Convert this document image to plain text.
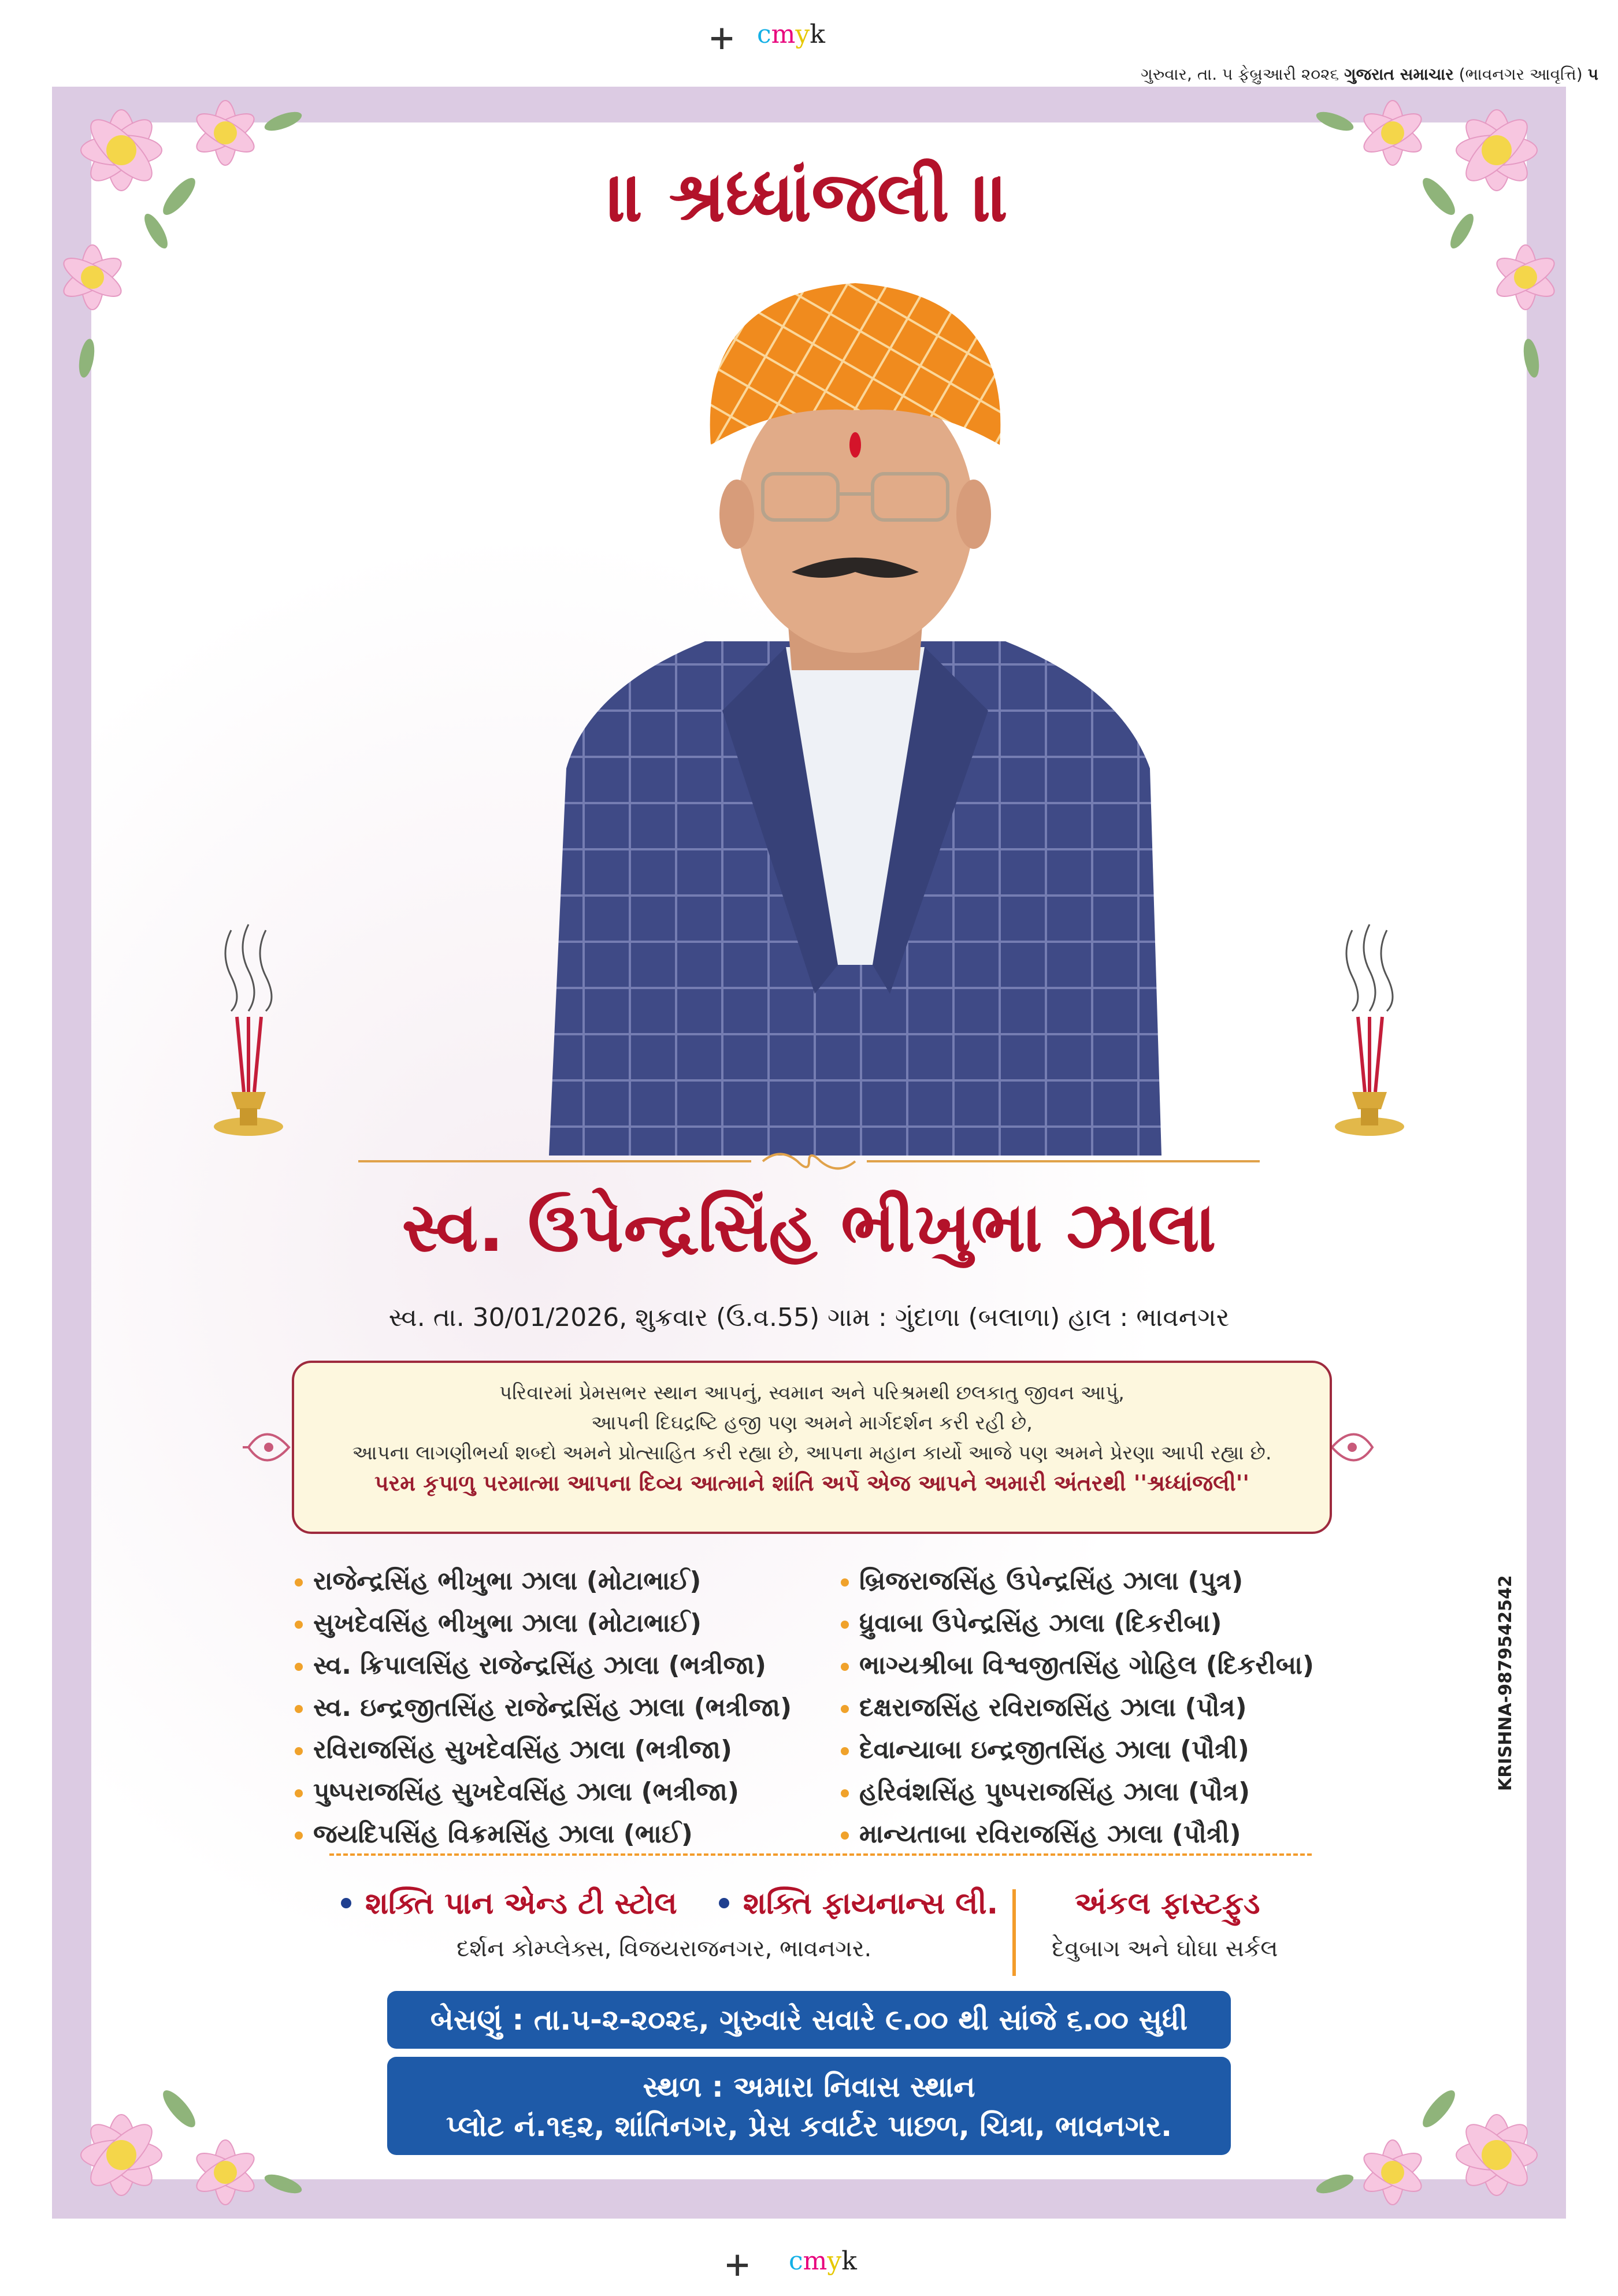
+ cmyk
ગુરુવાર, તા. ૫ ફેબ્રુઆરી ૨૦૨૬ ગુજરાત સમાચાર (ભાવનગર આવૃત્તિ) ૫
॥ શ્રધ્ધાંજલી ॥
સ્વ. ઉપેન્દ્રસિંહ ભીખુભા ઝાલા
સ્વ. તા. 30/01/2026, શુક્રવાર (ઉ.વ.55) ગામ : ગુંદાળા (બલાળા) હાલ : ભાવનગર

પરિવારમાં પ્રેમસભર સ્થાન આપનું, સ્વમાન અને પરિશ્રમથી છલકાતુ જીવન આપું,

આપની દિઘદ્રષ્ટિ હજી પણ અમને માર્ગદર્શન કરી રહી છે,

આપના લાગણીભર્યા શબ્દો અમને પ્રોત્સાહિત કરી રહ્યા છે, આપના મહાન કાર્યો આજે પણ અમને પ્રેરણા આપી રહ્યા છે.

પરમ કૃપાળુ પરમાત્મા આપના દિવ્ય આત્માને શાંતિ અર્પે એજ આપને અમારી અંતરથી ''શ્રધ્ધાંજલી''

રાજેન્દ્રસિંહ ભીખુભા ઝાલા (મોટાભાઈ)
સુખદેવસિંહ ભીખુભા ઝાલા (મોટાભાઈ)
સ્વ. ક્રિપાલસિંહ રાજેન્દ્રસિંહ ઝાલા (ભત્રીજા)
સ્વ. ઇન્દ્રજીતસિંહ રાજેન્દ્રસિંહ ઝાલા (ભત્રીજા)
રવિરાજસિંહ સુખદેવસિંહ ઝાલા (ભત્રીજા)
પુષ્પરાજસિંહ સુખદેવસિંહ ઝાલા (ભત્રીજા)
જયદિપસિંહ વિક્રમસિંહ ઝાલા (ભાઈ)
બ્રિજરાજસિંહ ઉપેન્દ્રસિંહ ઝાલા (પુત્ર)
ધ્રુવાબા ઉપેન્દ્રસિંહ ઝાલા (દિકરીબા)
ભાગ્યશ્રીબા વિશ્વજીતસિંહ ગોહિલ (દિકરીબા)
દક્ષરાજસિંહ રવિરાજસિંહ ઝાલા (પૌત્ર)
દેવાન્યાબા ઇન્દ્રજીતસિંહ ઝાલા (પૌત્રી)
હરિવંશસિંહ પુષ્પરાજસિંહ ઝાલા (પૌત્ર)
માન્યતાબા રવિરાજસિંહ ઝાલા (પૌત્રી)
શક્તિ પાન એન્ડ ટી સ્ટોલ શક્તિ ફાયનાન્સ લી.
દર્શન કોમ્પ્લેક્સ, વિજયરાજનગર, ભાવનગર.
અંકલ ફાસ્ટફુડ
દેવુબાગ અને ઘોઘા સર્કલ
KRISHNA-9879542542
બેસણું : તા.૫-૨-૨૦૨૬, ગુરુવારે સવારે ૯.૦૦ થી સાંજે ૬.૦૦ સુધી
સ્થળ : અમારા નિવાસ સ્થાન
પ્લોટ નં.૧૬૨, શાંતિનગર, પ્રેસ કવાર્ટર પાછળ, ચિત્રા, ભાવનગર.
+ cmyk
